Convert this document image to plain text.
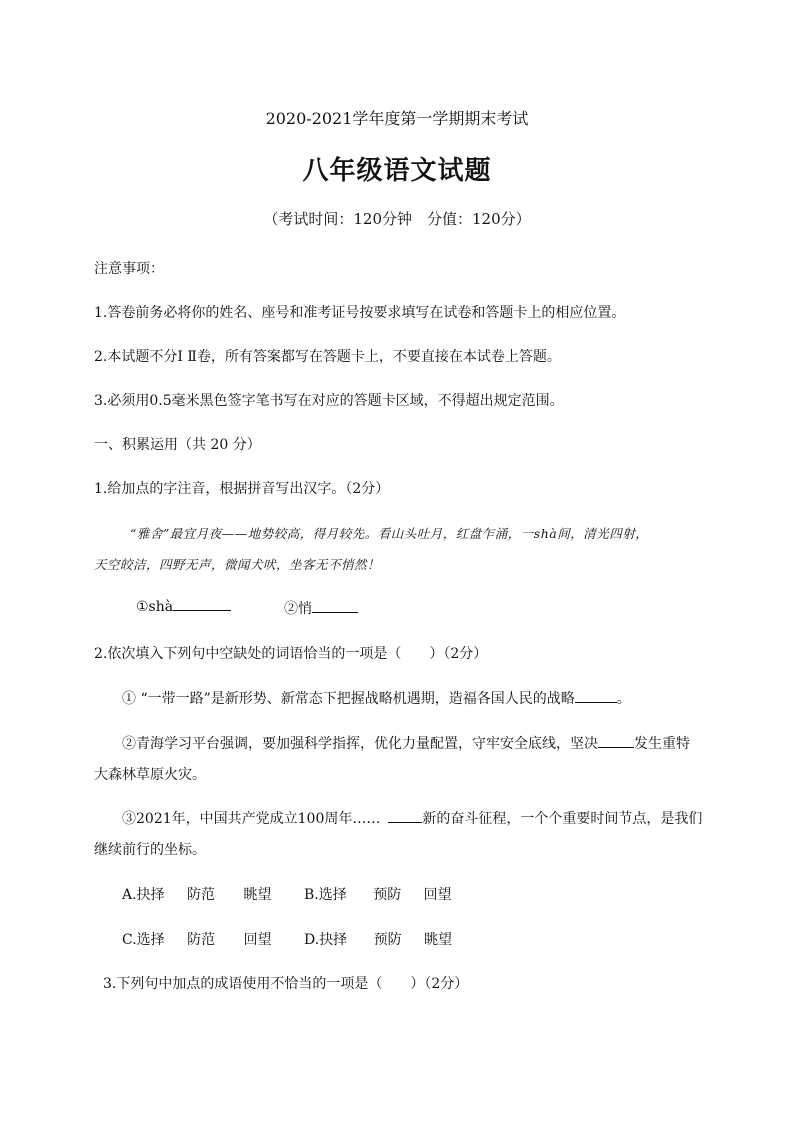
2020-2021学年度第一学期期末考试
八年级语文试题
（考试时间：120分钟　分值：120分）
注意事项：
1.答卷前务必将你的姓名、座号和准考证号按要求填写在试卷和答题卡上的相应位置。
2.本试题不分Ⅰ Ⅱ卷，所有答案都写在答题卡上，不要直接在本试卷上答题。
3.必须用0.5毫米黑色签字笔书写在对应的答题卡区域，不得超出规定范围。
一、积累运用（共 20 分）
1.给加点的字注音，根据拼音写出汉字。（2分）
“雅舍”最宜月夜——地势较高，得月较先。看山头吐月，红盘乍涌，一shà间，清光四射，
天空皎洁，四野无声，微闻犬吠，坐客无不悄然！
①shà	②悄
2.依次填入下列句中空缺处的词语恰当的一项是（　　）（2分）
① “一带一路”是新形势、新常态下把握战略机遇期，造福各国人民的战略	。
②青海学习平台强调，要加强科学指挥，优化力量配置，守牢安全底线，坚决	发生重特
大森林草原火灾。
③2021年，中国共产党成立100周年……	新的奋斗征程，一个个重要时间节点，是我们
继续前行的坐标。
A.抉择 防范 眺望 B.选择 预防 回望
C.选择 防范 回望 D.抉择 预防 眺望
3.下列句中加点的成语使用不恰当的一项是（　　）（2分）
